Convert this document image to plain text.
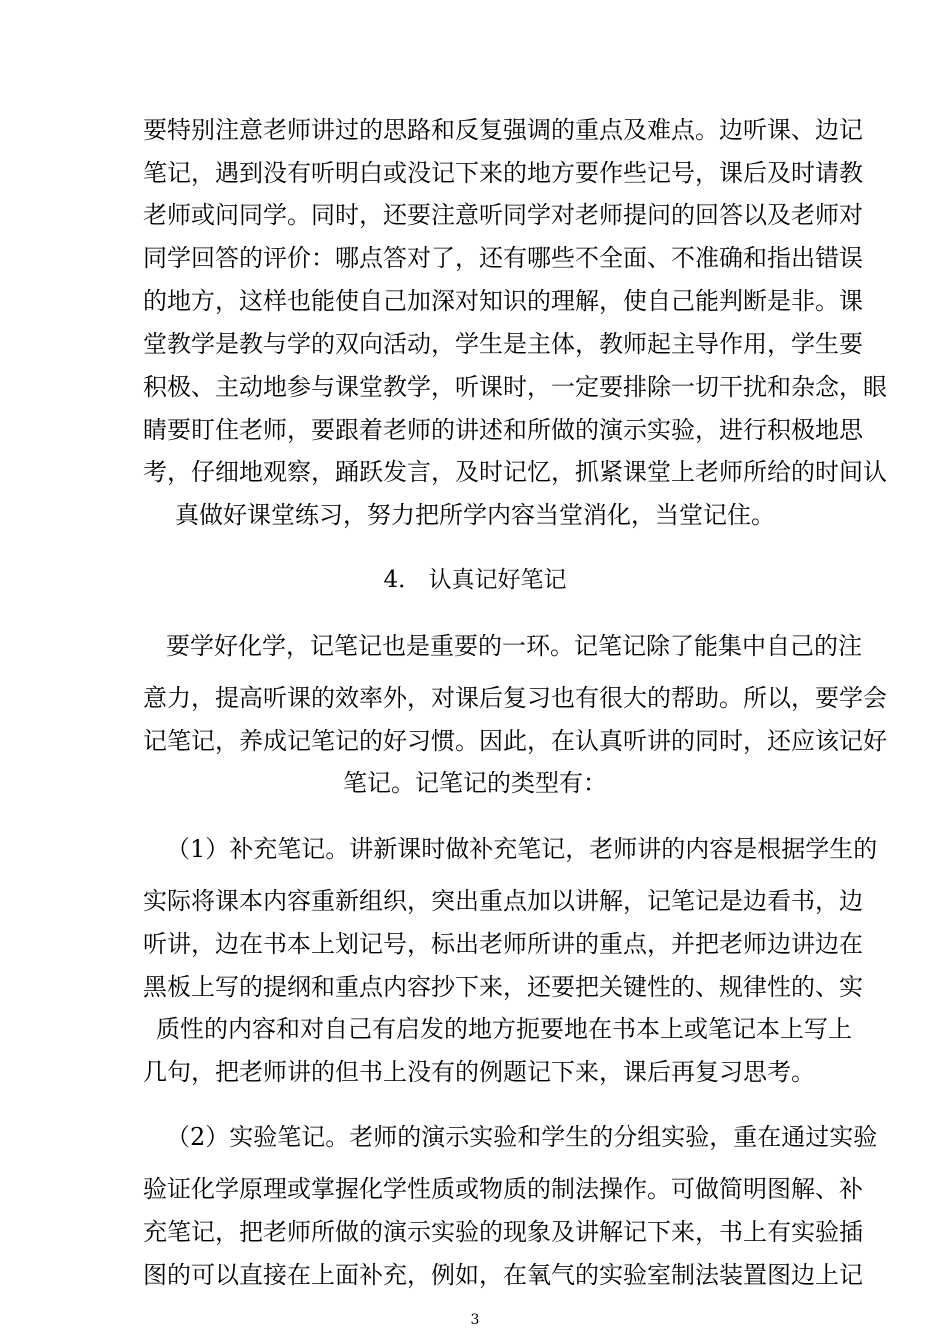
要特别注意老师讲过的思路和反复强调的重点及难点。边听课、边记
笔记，遇到没有听明白或没记下来的地方要作些记号，课后及时请教
老师或问同学。同时，还要注意听同学对老师提问的回答以及老师对
同学回答的评价：哪点答对了，还有哪些不全面、不准确和指出错误
的地方，这样也能使自己加深对知识的理解，使自己能判断是非。课
堂教学是教与学的双向活动，学生是主体，教师起主导作用，学生要
积极、主动地参与课堂教学，听课时，一定要排除一切干扰和杂念，眼
睛要盯住老师，要跟着老师的讲述和所做的演示实验，进行积极地思
考，仔细地观察，踊跃发言，及时记忆，抓紧课堂上老师所给的时间认
真做好课堂练习，努力把所学内容当堂消化，当堂记住。
4． 认真记好笔记
要学好化学，记笔记也是重要的一环。记笔记除了能集中自己的注
意力，提高听课的效率外，对课后复习也有很大的帮助。所以，要学会
记笔记，养成记笔记的好习惯。因此，在认真听讲的同时，还应该记好
笔记。记笔记的类型有：
（1）补充笔记。讲新课时做补充笔记，老师讲的内容是根据学生的
实际将课本内容重新组织，突出重点加以讲解，记笔记是边看书，边
听讲，边在书本上划记号，标出老师所讲的重点，并把老师边讲边在
黑板上写的提纲和重点内容抄下来，还要把关键性的、规律性的、实
质性的内容和对自己有启发的地方扼要地在书本上或笔记本上写上
几句，把老师讲的但书上没有的例题记下来，课后再复习思考。
（2）实验笔记。老师的演示实验和学生的分组实验，重在通过实验
验证化学原理或掌握化学性质或物质的制法操作。可做简明图解、补
充笔记，把老师所做的演示实验的现象及讲解记下来，书上有实验插
图的可以直接在上面补充，例如，在氧气的实验室制法装置图边上记
3
